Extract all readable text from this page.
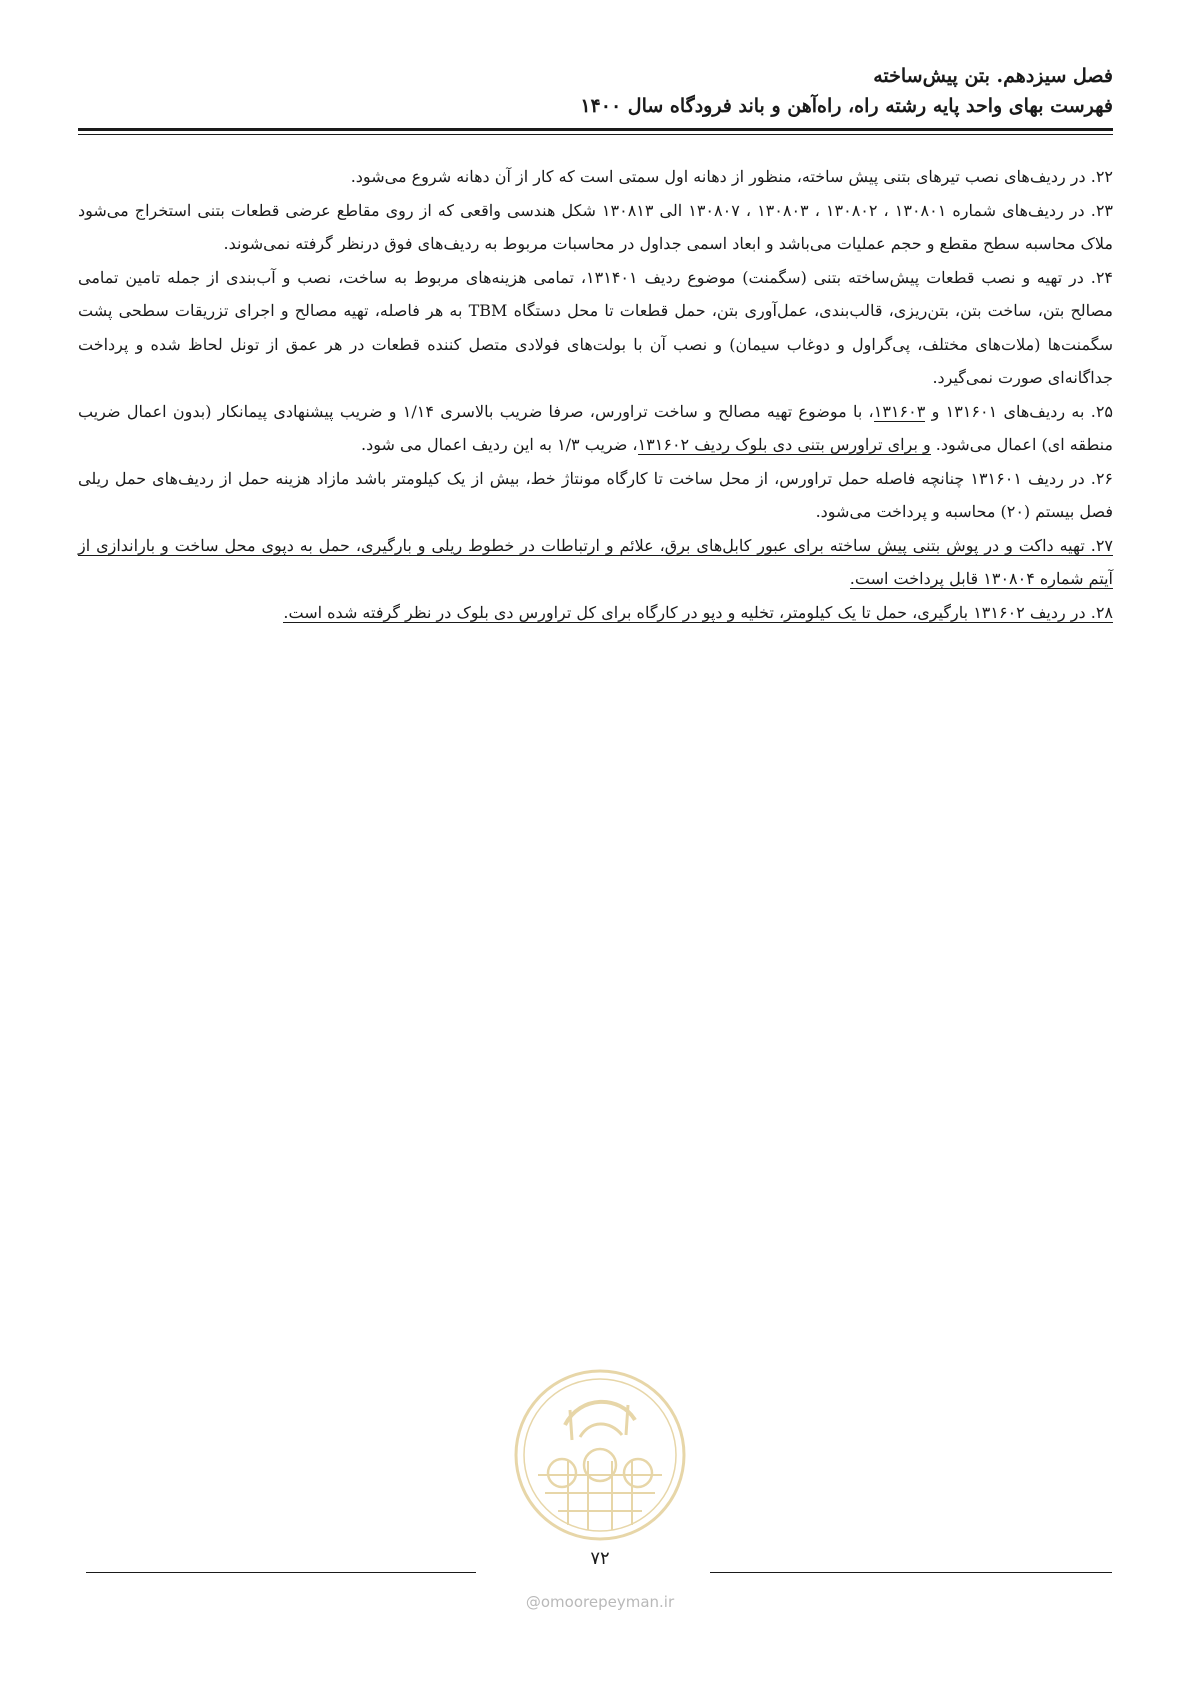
فصل سیزدهم. بتن پیش‌ساخته
فهرست بهای واحد پایه رشته راه، راه‌آهن و باند فرودگاه سال ۱۴۰۰

۲۲. در ردیف‌های نصب تیرهای بتنی پیش ساخته، منظور از دهانه اول سمتی است که کار از آن دهانه شروع می‌شود.

۲۳. در ردیف‌های شماره ۱۳۰۸۰۱ ، ۱۳۰۸۰۲ ، ۱۳۰۸۰۳ ، ۱۳۰۸۰۷ الی ۱۳۰۸۱۳ شکل هندسی واقعی که از روی مقاطع عرضی قطعات بتنی استخراج می‌شود ملاک محاسبه سطح مقطع و حجم عملیات می‌باشد و ابعاد اسمی جداول در محاسبات مربوط به ردیف‌های فوق درنظر گرفته نمی‌شوند.

۲۴. در تهیه و نصب قطعات پیش‌ساخته بتنی (سگمنت) موضوع ردیف ۱۳۱۴۰۱، تمامی هزینه‌های مربوط به ساخت، نصب و آب‌بندی از جمله تامین تمامی مصالح بتن، ساخت بتن، بتن‌ریزی، قالب‌بندی، عمل‌آوری بتن، حمل قطعات تا محل دستگاه TBM به هر فاصله، تهیه مصالح و اجرای تزریقات سطحی پشت سگمنت‌ها (ملات‌های مختلف، پی‌گراول و دوغاب سیمان) و نصب آن با بولت‌های فولادی متصل کننده قطعات در هر عمق از تونل لحاظ شده و پرداخت جداگانه‌ای صورت نمی‌گیرد.

۲۵. به ردیف‌های ۱۳۱۶۰۱ و ۱۳۱۶۰۳، با موضوع تهیه مصالح و ساخت تراورس، صرفا ضریب بالاسری ۱/۱۴ و ضریب پیشنهادی پیمانکار (بدون اعمال ضریب منطقه ای) اعمال می‌شود. و برای تراورس بتنی دی بلوک ردیف ۱۳۱۶۰۲، ضریب ۱/۳ به این ردیف اعمال می شود.

۲۶. در ردیف ۱۳۱۶۰۱ چنانچه فاصله حمل تراورس، از محل ساخت تا کارگاه مونتاژ خط، بیش از یک کیلومتر باشد مازاد هزینه حمل از ردیف‌های حمل ریلی فصل بیستم (۲۰) محاسبه و پرداخت می‌شود.

۲۷. تهیه داکت و در پوش بتنی پیش ساخته برای عبور کابل‌های برق، علائم و ارتباطات در خطوط ریلی و بارگیری، حمل به دپوی محل ساخت و باراندازی از آیتم شماره ۱۳۰۸۰۴ قابل پرداخت است.

۲۸. در ردیف ۱۳۱۶۰۲ بارگیری، حمل تا یک کیلومتر، تخلیه و دپو در کارگاه برای کل تراورس دی بلوک در نظر گرفته شده است.

۷۲
@omoorepeyman.ir
